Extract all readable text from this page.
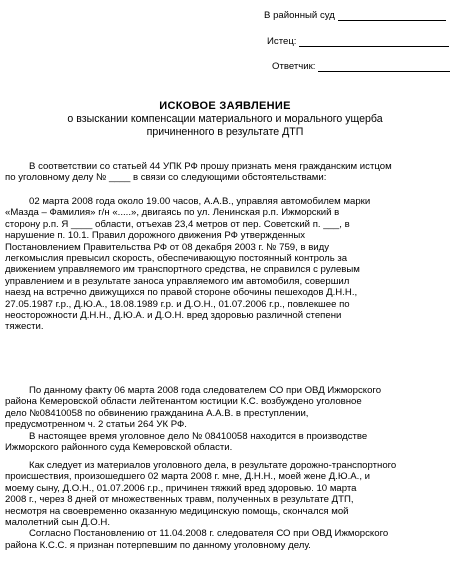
В районный суд
Истец:
Ответчик:
ИСКОВОЕ ЗАЯВЛЕНИЕ
о взыскании компенсации материального и морального ущерба
причиненного в результате ДТП
В соответствии со статьей 44 УПК РФ прошу признать меня гражданским истцом
по уголовному делу № ____ в связи со следующими обстоятельствами:
02 марта 2008 года около 19.00 часов, А.А.В., управляя автомобилем марки
«Мазда – Фамилия» г/н «.....», двигаясь по ул. Ленинская р.п. Ижморский в
сторону р.п. Я ____ области, отъехав 23,4 метров от пер. Советский п. ___, в
нарушение п. 10.1. Правил дорожного движения РФ утвержденных
Постановлением Правительства РФ от 08 декабря 2003 г. № 759, в виду
легкомыслия превысил скорость, обеспечивающую постоянный контроль за
движением управляемого им транспортного средства, не справился с рулевым
управлением и в результате заноса управляемого им автомобиля, совершил
наезд на встречно движущихся по правой стороне обочины пешеходов Д.Н.Н.,
27.05.1987 г.р., Д.Ю.А., 18.08.1989 г.р. и Д.О.Н., 01.07.2006 г.р., повлекшее по
неосторожности Д.Н.Н., Д.Ю.А. и Д.О.Н. вред здоровью различной степени
тяжести.
По данному факту 06 марта 2008 года следователем СО при ОВД Ижморского
района Кемеровской области лейтенантом юстиции К.С. возбуждено уголовное
дело №08410058 по обвинению гражданина А.А.В. в преступлении,
предусмотренном ч. 2 статьи 264 УК РФ.
В настоящее время уголовное дело № 08410058 находится в производстве
Ижморского районного суда Кемеровской области.
Как следует из материалов уголовного дела, в результате дорожно-транспортного
происшествия, произошедшего 02 марта 2008 г. мне, Д.Н.Н., моей жене Д.Ю.А., и
моему сыну, Д.О.Н., 01.07.2006 г.р., причинен тяжкий вред здоровью. 10 марта
2008 г., через 8 дней от множественных травм, полученных в результате ДТП,
несмотря на своевременно оказанную медицинскую помощь, скончался мой
малолетний сын Д.О.Н.
Согласно Постановлению от 11.04.2008 г. следователя СО при ОВД Ижморского
района К.С.С. я признан потерпевшим по данному уголовному делу.
